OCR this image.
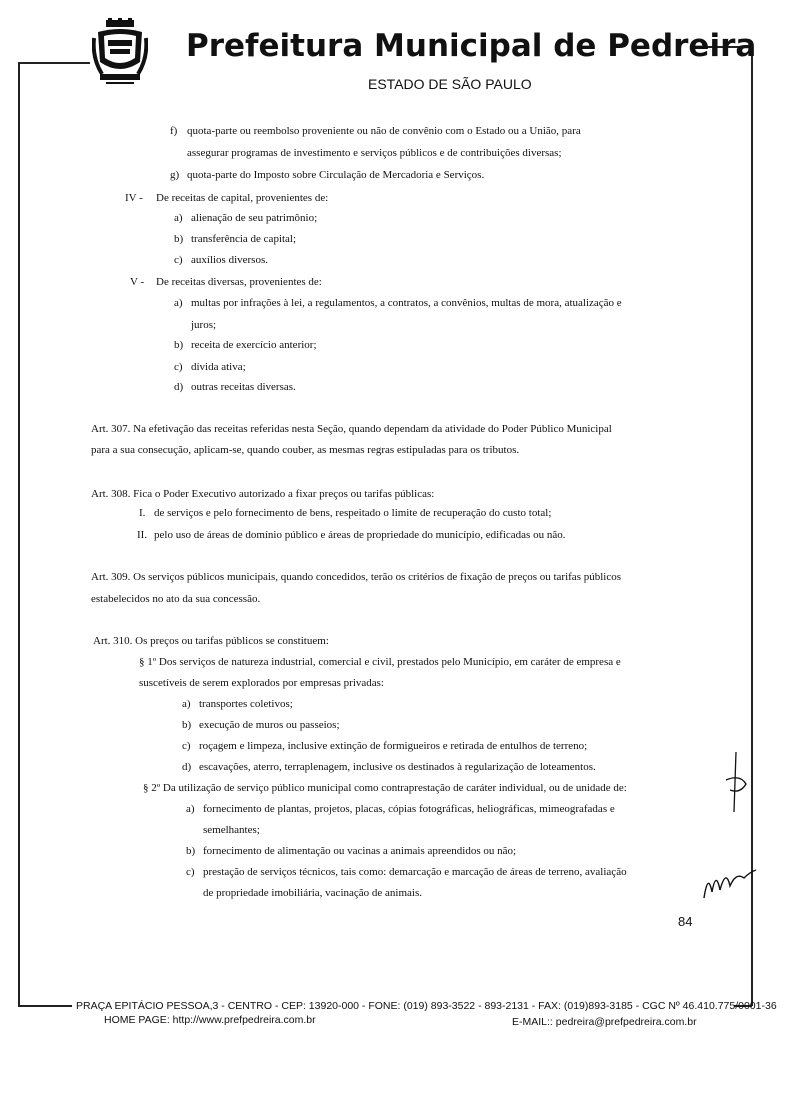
Prefeitura Municipal de Pedreira
ESTADO DE SÃO PAULO
f) quota-parte ou reembolso proveniente ou não de convênio com o Estado ou a União, para
assegurar programas de investimento e serviços públicos e de contribuições diversas;
g) quota-parte do Imposto sobre Circulação de Mercadoria e Serviços.
IV - De receitas de capital, provenientes de:
a) alienação de seu patrimônio;
b) transferência de capital;
c) auxílios diversos.
V - De receitas diversas, provenientes de:
a) multas por infrações à lei, a regulamentos, a contratos, a convênios, multas de mora, atualização e
juros;
b) receita de exercício anterior;
c) dívida ativa;
d) outras receitas diversas.
Art. 307. Na efetivação das receitas referidas nesta Seção, quando dependam da atividade do Poder Público Municipal
para a sua consecução, aplicam-se, quando couber, as mesmas regras estipuladas para os tributos.
Art. 308. Fica o Poder Executivo autorizado a fixar preços ou tarifas públicas:
I. de serviços e pelo fornecimento de bens, respeitado o limite de recuperação do custo total;
II. pelo uso de áreas de domínio público e áreas de propriedade do município, edificadas ou não.
Art. 309. Os serviços públicos municipais, quando concedidos, terão os critérios de fixação de preços ou tarifas públicos
estabelecidos no ato da sua concessão.
Art. 310. Os preços ou tarifas públicos se constituem:
§ 1º Dos serviços de natureza industrial, comercial e civil, prestados pelo Município, em caráter de empresa e
suscetíveis de serem explorados por empresas privadas:
a) transportes coletivos;
b) execução de muros ou passeios;
c) roçagem e limpeza, inclusive extinção de formigueiros e retirada de entulhos de terreno;
d) escavações, aterro, terraplenagem, inclusive os destinados à regularização de loteamentos.
§ 2º Da utilização de serviço público municipal como contraprestação de caráter individual, ou de unidade de:
a) fornecimento de plantas, projetos, placas, cópias fotográficas, heliográficas, mimeografadas e
semelhantes;
b) fornecimento de alimentação ou vacinas a animais apreendidos ou não;
c) prestação de serviços técnicos, tais como: demarcação e marcação de áreas de terreno, avaliação
de propriedade imobiliária, vacinação de animais.
84
PRAÇA EPITÁCIO PESSOA,3 - CENTRO - CEP: 13920-000 - FONE: (019) 893-3522 - 893-2131 - FAX: (019)893-3185 - CGC Nº 46.410.775/0001-36
HOME PAGE: http://www.prefpedreira.com.br	E-MAIL:: pedreira@prefpedreira.com.br
